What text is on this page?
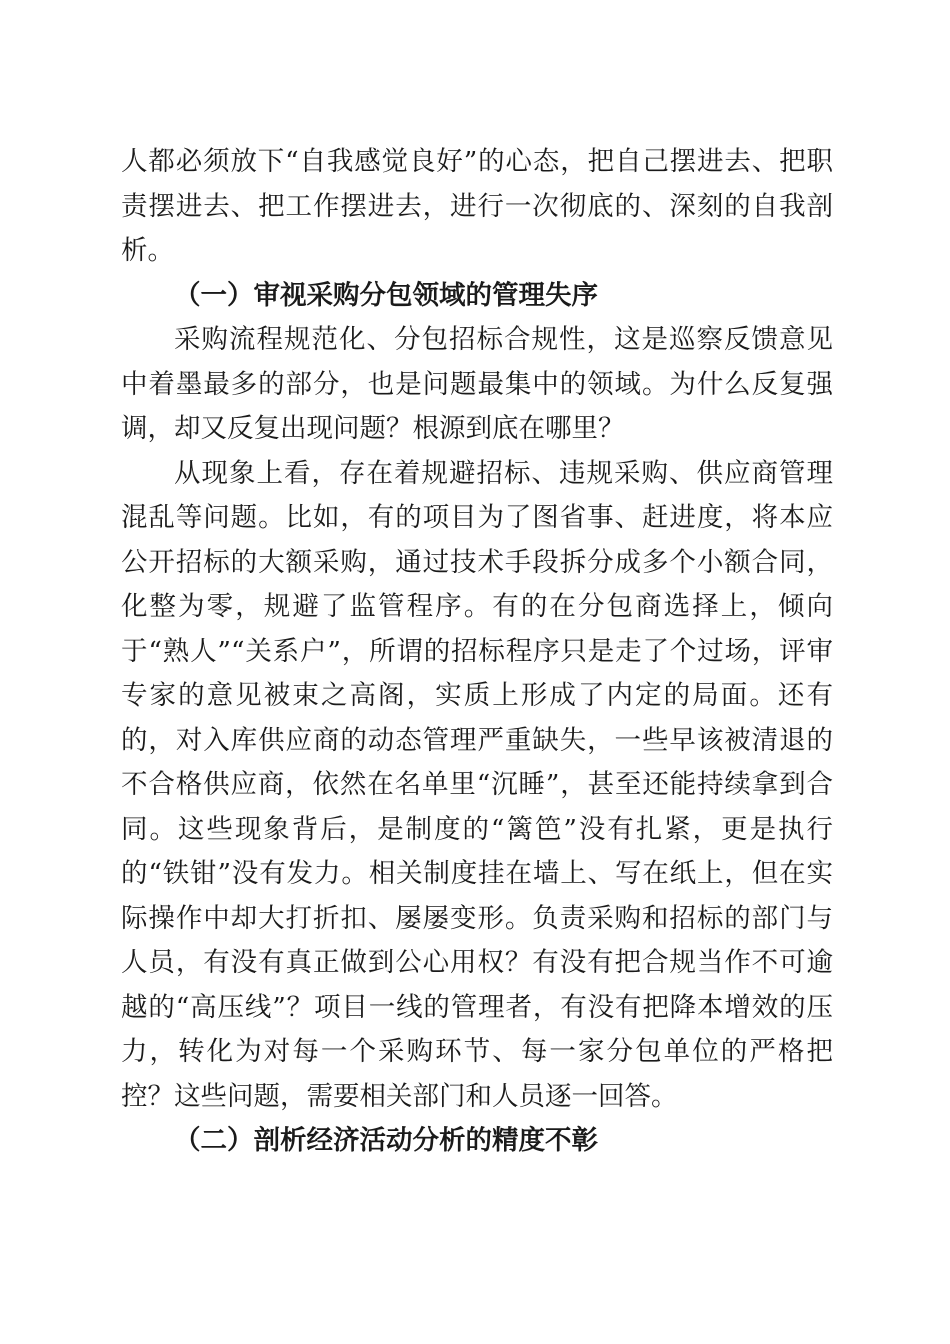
人都必须放下“自我感觉良好”的心态，把自己摆进去、把职责摆进去、把工作摆进去，进行一次彻底的、深刻的自我剖析。

（一）审视采购分包领域的管理失序

采购流程规范化、分包招标合规性，这是巡察反馈意见中着墨最多的部分，也是问题最集中的领域。为什么反复强调，却又反复出现问题？根源到底在哪里？

从现象上看，存在着规避招标、违规采购、供应商管理混乱等问题。比如，有的项目为了图省事、赶进度，将本应公开招标的大额采购，通过技术手段拆分成多个小额合同，化整为零，规避了监管程序。有的在分包商选择上，倾向于“熟人”“关系户”，所谓的招标程序只是走了个过场，评审专家的意见被束之高阁，实质上形成了内定的局面。还有的，对入库供应商的动态管理严重缺失，一些早该被清退的不合格供应商，依然在名单里“沉睡”，甚至还能持续拿到合同。这些现象背后，是制度的“篱笆”没有扎紧，更是执行的“铁钳”没有发力。相关制度挂在墙上、写在纸上，但在实际操作中却大打折扣、屡屡变形。负责采购和招标的部门与人员，有没有真正做到公心用权？有没有把合规当作不可逾越的“高压线”？项目一线的管理者，有没有把降本增效的压力，转化为对每一个采购环节、每一家分包单位的严格把控？这些问题，需要相关部门和人员逐一回答。

（二）剖析经济活动分析的精度不彰
